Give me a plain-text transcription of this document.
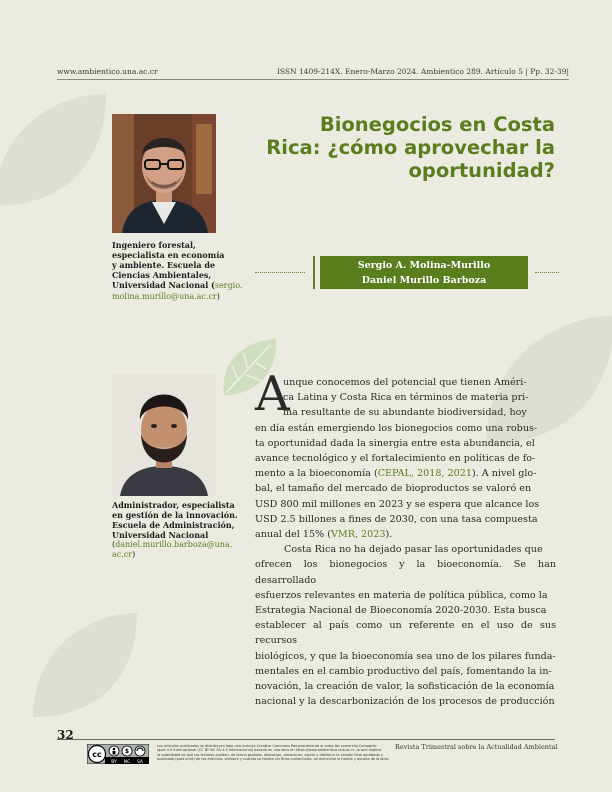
www.ambientico.una.ac.cr	ISSN 1409-214X. Enero-Marzo 2024. Ambientico 289. Artículo 5 | Pp. 32-39|
Bionegocios en Costa
Rica: ¿cómo aprovechar la
oportunidad?
Ingeniero forestal,
especialista en economía
y ambiente. Escuela de
Ciencias Ambientales,
Universidad Nacional (sergio.
molina.murillo@una.ac.cr)
Sergio A. Molina-Murillo
Daniel Murillo Barboza
Administrador, especialista
en gestión de la innovación.
Escuela de Administración,
Universidad Nacional
(daniel.murillo.barboza@una.
ac.cr)
A
unque conocemos del potencial que tienen Améri-
ca Latina y Costa Rica en términos de materia pri-
ma resultante de su abundante biodiversidad, hoy
en día están emergiendo los bionegocios como una robus-
ta oportunidad dada la sinergia entre esta abundancia, el
avance tecnológico y el fortalecimiento en políticas de fo-
mento a la bioeconomía (CEPAL, 2018, 2021). A nivel glo-
bal, el tamaño del mercado de bioproductos se valoró en
USD 800 mil millones en 2023 y se espera que alcance los
USD 2.5 billones a fines de 2030, con una tasa compuesta
anual del 15% (VMR, 2023).
Costa Rica no ha dejado pasar las oportunidades que
ofrecen los bionegocios y la bioeconomía. Se han desarrollado
esfuerzos relevantes en materia de política pública, como la
Estrategia Nacional de Bioeconomía 2020-2030. Esta busca
establecer al país como un referente en el uso de sus recursos
biológicos, y que la bioeconomía sea uno de los pilares funda-
mentales en el cambio productivo del país, fomentando la in-
novación, la creación de valor, la sofisticación de la economía
nacional y la descarbonización de los procesos de producción
32
cc	$
BY NC SA
Los artículos publicados se distribuyen bajo una licencia Creative Commons Reconocimiento al autor-No comercial-Compartir
igual 4.0 Internacional (CC BY NC SA 4.0 Internacional) basada en una obra en https://www.ambientico.una.ac.cr, lo que implica
la posibilidad de que los lectores puedan, de forma gratuita, descargar, almacenar, copiar y distribuir la versión final aprobada y
publicada (post print) de los artículos, siempre y cuando se realice sin fines comerciales, se mencione la fuente y autoría de la obra.
Revista Trimestral sobre la Actualidad Ambiental
